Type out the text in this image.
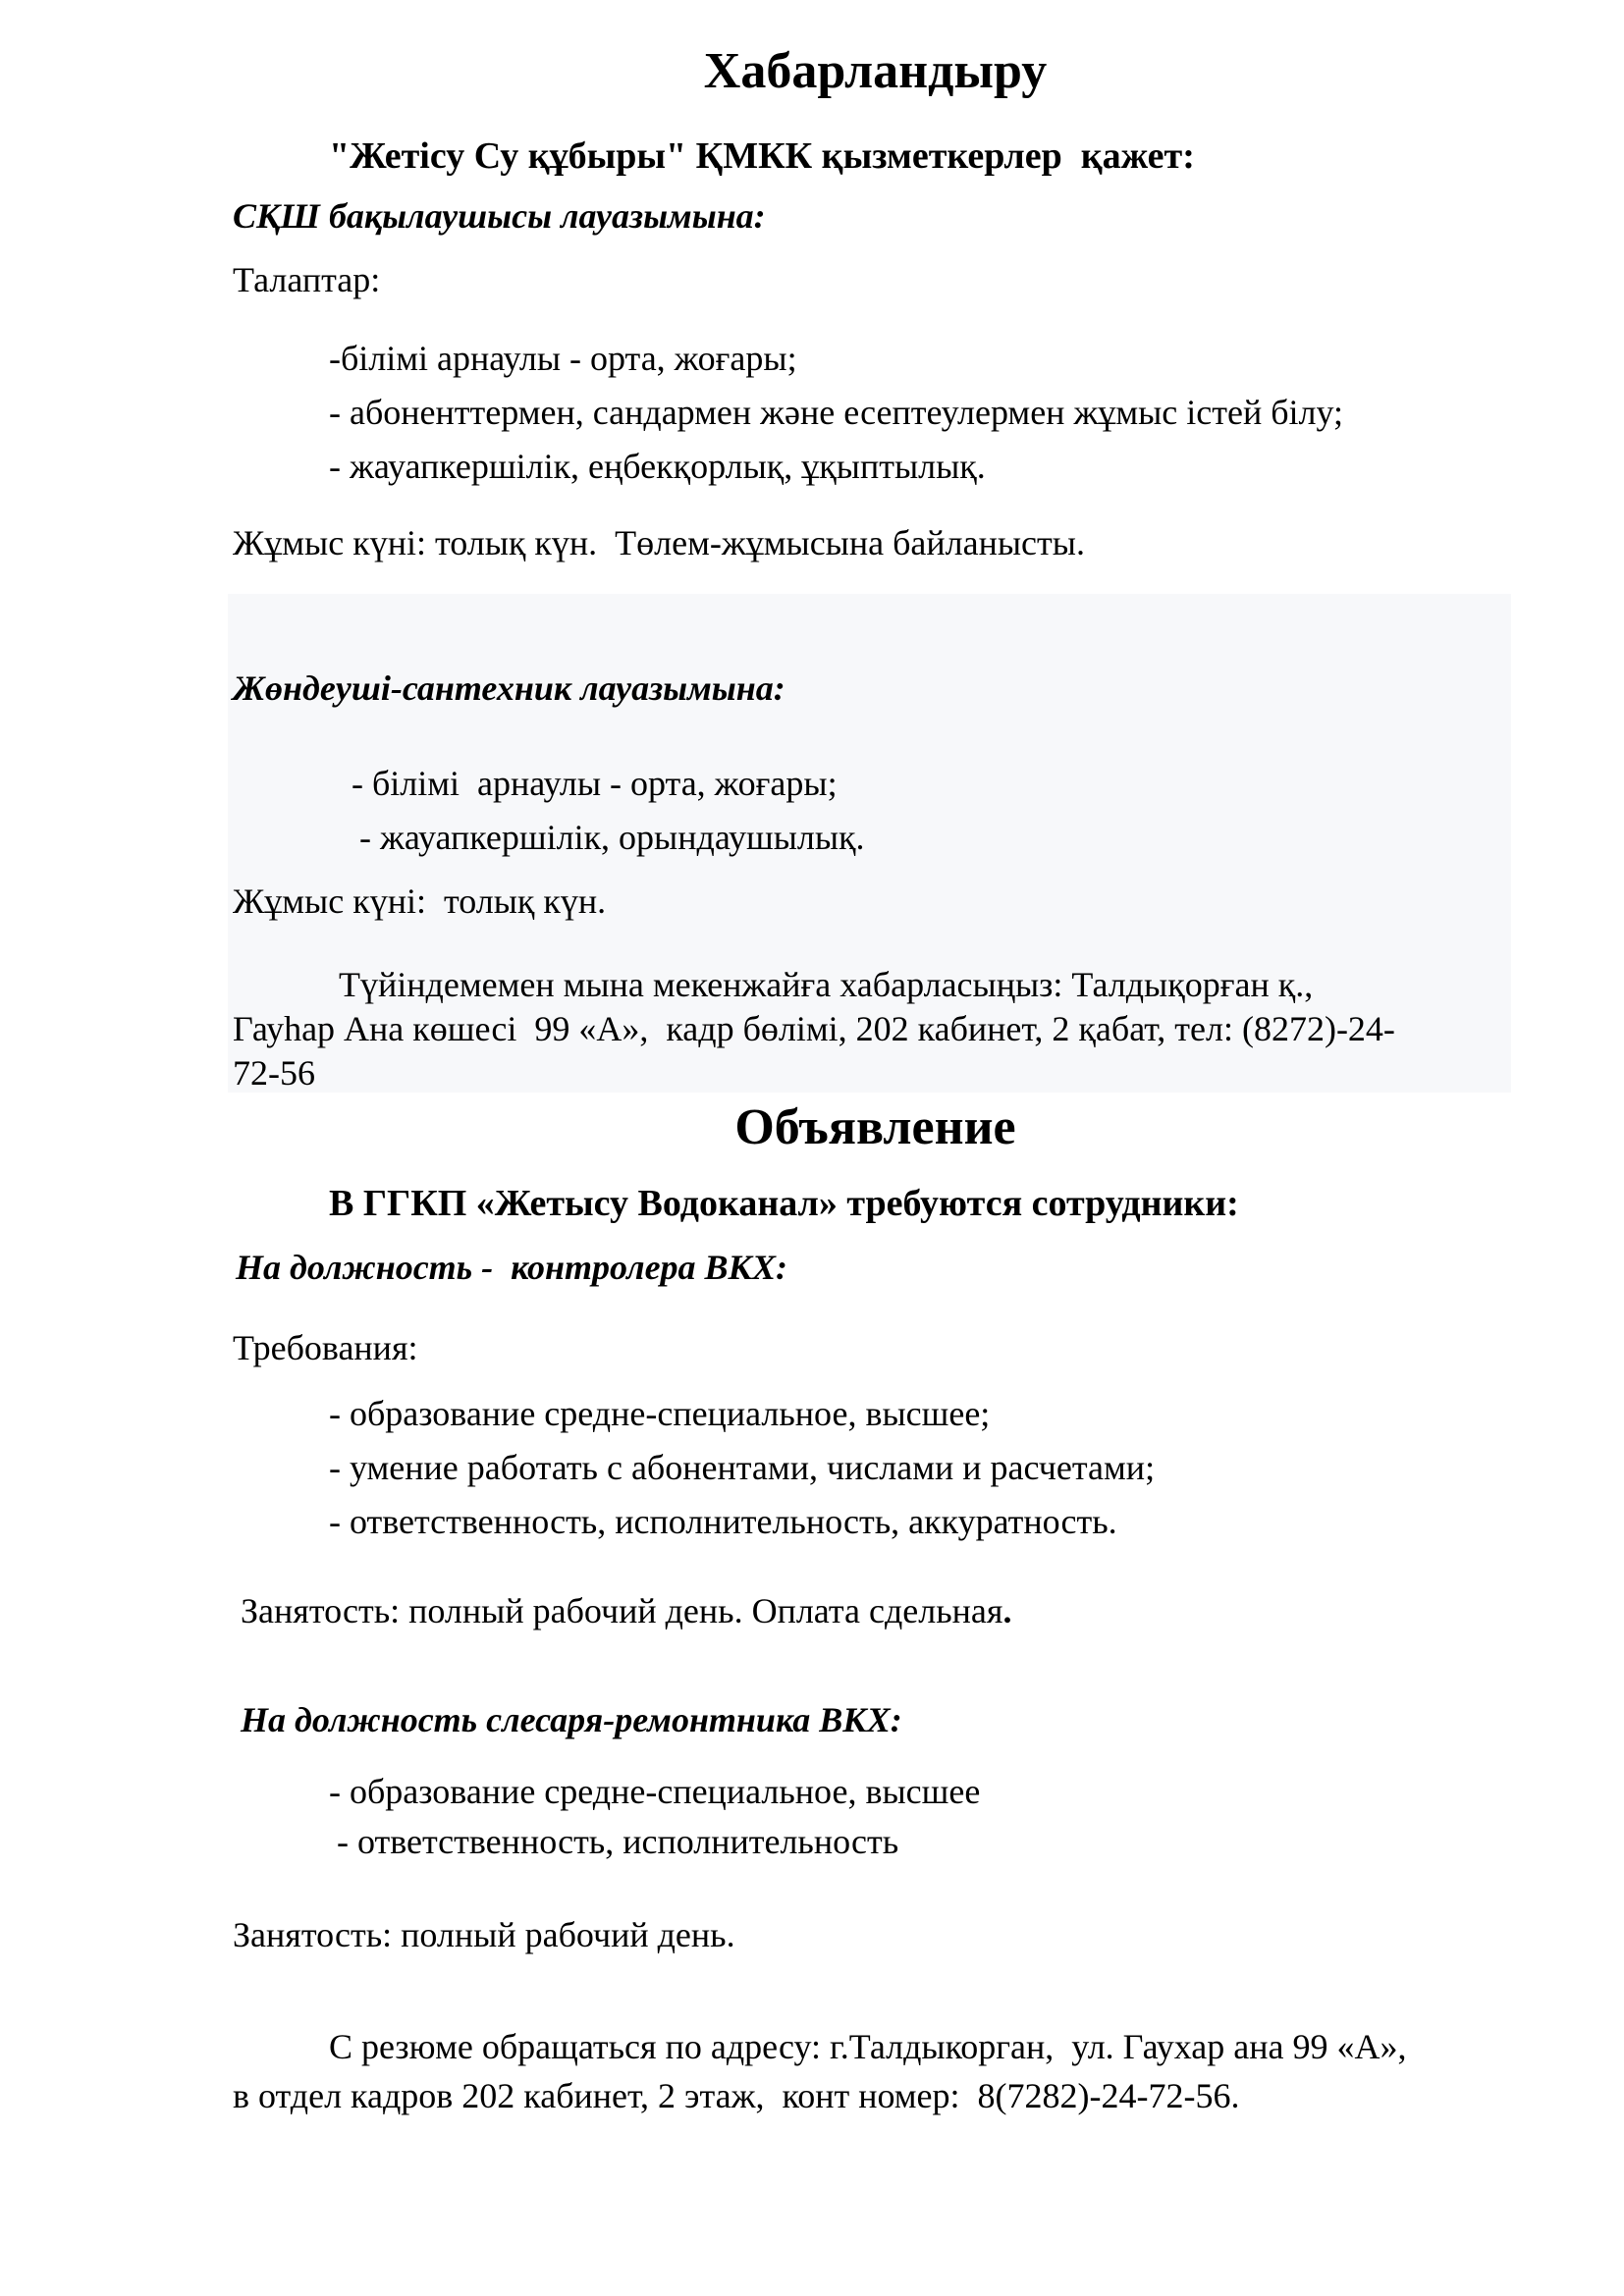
Хабарландыру
"Жетісу Су құбыры" ҚМКК қызметкерлер  қажет:
СҚШ бақылаушысы лауазымына:
Талаптар:
-білімі арнаулы - орта, жоғары;
- абоненттермен, сандармен және есептеулермен жұмыс істей білу;
- жауапкершілік, еңбекқорлық, ұқыптылық.
Жұмыс күні: толық күн.  Төлем-жұмысына байланысты.
Жөндеуші-сантехник лауазымына:
- білімі  арнаулы - орта, жоғары;
- жауапкершілік, орындаушылық.
Жұмыс күні:  толық күн.
Түйіндемемен мына мекенжайға хабарласыңыз: Талдықорған қ.,
Гауһар Ана көшесі  99 «А»,  кадр бөлімі, 202 кабинет, 2 қабат, тел: (8272)-24-
72-56
Объявление
В ГГКП «Жетысу Водоканал» требуются сотрудники:
На должность -  контролера ВКХ:
Требования:
- образование средне-специальное, высшее;
- умение работать с абонентами, числами и расчетами;
- ответственность, исполнительность, аккуратность.
Занятость: полный рабочий день. Оплата сдельная.
На должность слесаря-ремонтника ВКХ:
- образование средне-специальное, высшее
- ответственность, исполнительность
Занятость: полный рабочий день.
С резюме обращаться по адресу: г.Талдыкорган,  ул. Гаухар ана 99 «А»,
в отдел кадров 202 кабинет, 2 этаж,  конт номер:  8(7282)-24-72-56.
